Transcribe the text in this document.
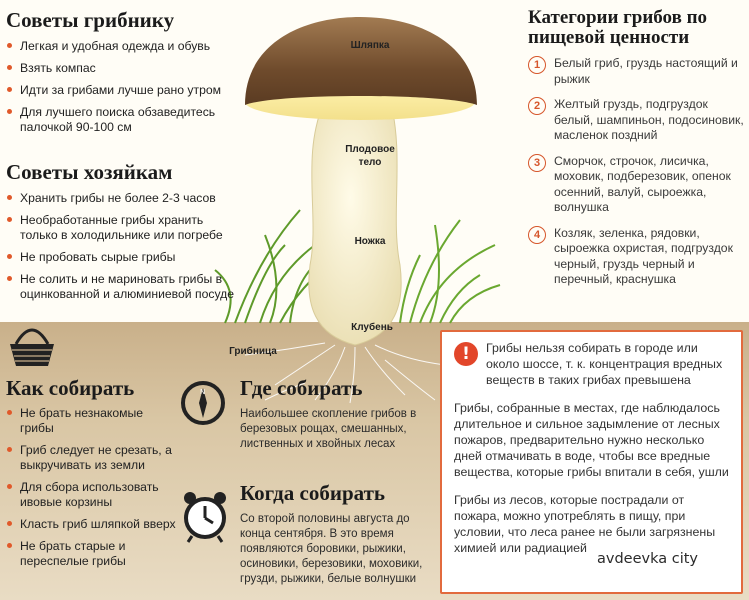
Шляпка
Плодовое тело
Ножка
Клубень
Грибница
Советы грибнику
Легкая и удобная одежда и обувь
Взять компас
Идти за грибами лучше рано утром
Для лучшего поиска обзаведитесь палочкой 90-100 см
Советы хозяйкам
Хранить грибы не более 2-3 часов
Необработанные грибы хранить только в холодильнике или погребе
Не пробовать сырые грибы
Не солить и не мариновать грибы в оцинкованной и алюминиевой посуде
Категории грибов по пищевой ценности
1	Белый гриб, груздь настоящий и рыжик
2	Желтый груздь, подгруздок белый, шампиньон, подосиновик, масленок поздний
3	Сморчок, строчок, лисичка, моховик, подберезовик, опенок осенний, валуй, сыроежка, волнушка
4	Козляк, зеленка, рядовки, сыроежка охристая, подгруздок черный, груздь черный и перечный, краснушка
Как собирать
Не брать незнакомые грибы
Гриб следует не срезать, а выкручивать из земли
Для сбора использовать ивовые корзины
Класть гриб шляпкой вверх
Не брать старые и переспелые грибы
N Где собирать

Наибольшее скопление грибов в березовых рощах, смешанных, лиственных и хвойных лесах

Когда собирать

Со второй половины августа до конца сентября. В это время появляются боровики, рыжики, осиновики, березовики, моховики, грузди, рыжики, белые волнушки

!	Грибы нельзя собирать в городе или около шоссе, т. к. концентрация вредных веществ в таких грибах превышена

Грибы, собранные в местах, где наблюдалось длительное и сильное задымление от лесных пожаров, предварительно нужно несколько дней отмачивать в воде, чтобы все вредные вещества, которые грибы впитали в себя, ушли

Грибы из лесов, которые пострадали от пожара, можно употреблять в пищу, при условии, что леса ранее не были загрязнены химией или радиацией

avdeevka city
